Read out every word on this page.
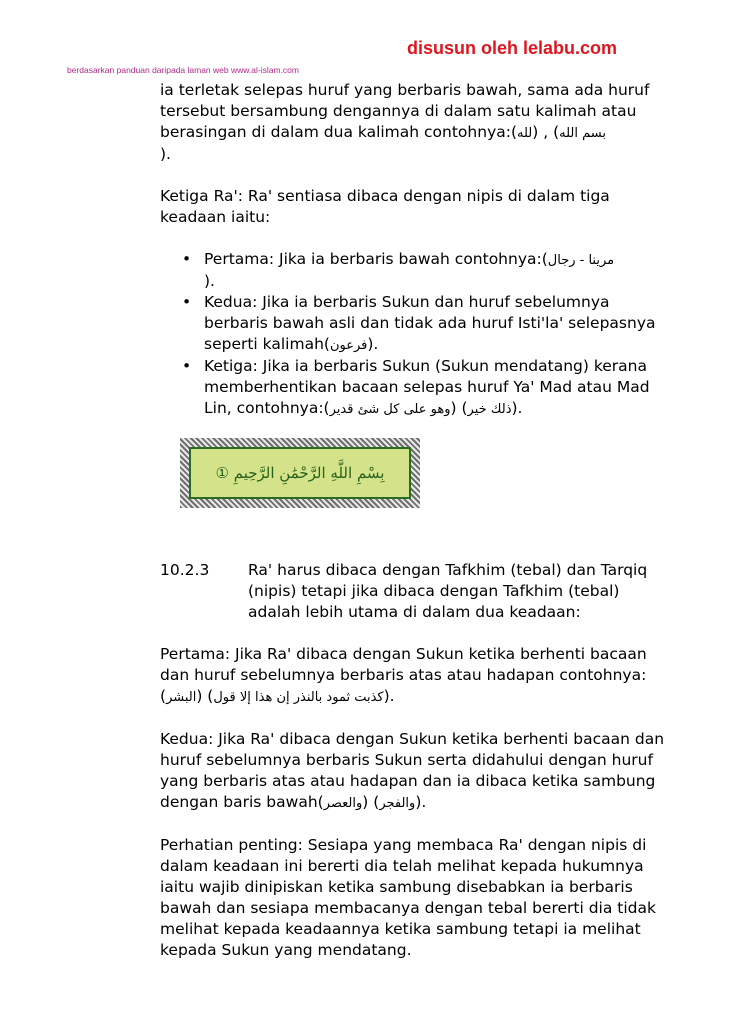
disusun oleh lelabu.com
berdasarkan panduan daripada laman web www.al-islam.com

ia terletak selepas huruf yang berbaris bawah, sama ada huruf tersebut bersambung dengannya di dalam satu kalimah atau berasingan di dalam dua kalimah contohnya:(	بسم الله) , (لله
).

Ketiga Ra': Ra' sentiasa dibaca dengan nipis di dalam tiga keadaan iaitu:

• Pertama: Jika ia berbaris bawah contohnya:(مرينا - رجال
).
• Kedua: Jika ia berbaris Sukun dan huruf sebelumnya berbaris bawah asli dan tidak ada huruf Isti'la' selepasnya seperti kalimah(فرعون).
• Ketiga: Jika ia berbaris Sukun (Sukun mendatang) kerana memberhentikan bacaan selepas huruf Ya' Mad atau Mad Lin, contohnya:(	ذلك خير) (وهو على كل شئ قدير	).
بِسْمِ اللَّهِ الرَّحْمَٰنِ الرَّحِيمِ ①
10.2.3	Ra' harus dibaca dengan Tafkhim (tebal) dan Tarqiq (nipis) tetapi jika dibaca dengan Tafkhim (tebal) adalah lebih utama di dalam dua keadaan:

Pertama: Jika Ra' dibaca dengan Sukun ketika berhenti bacaan dan huruf sebelumnya berbaris atas atau hadapan contohnya:(	كذبت ثمود بالنذر إن هذا إلا قول) (البشر	).

Kedua: Jika Ra' dibaca dengan Sukun ketika berhenti bacaan dan huruf sebelumnya berbaris Sukun serta didahului dengan huruf yang berbaris atas atau hadapan dan ia dibaca ketika sambung dengan baris bawah(	والفجر) (والعصر	).

Perhatian penting: Sesiapa yang membaca Ra' dengan nipis di dalam keadaan ini bererti dia telah melihat kepada hukumnya iaitu wajib dinipiskan ketika sambung disebabkan ia berbaris bawah dan sesiapa membacanya dengan tebal bererti dia tidak melihat kepada keadaannya ketika sambung tetapi ia melihat kepada Sukun yang mendatang.
